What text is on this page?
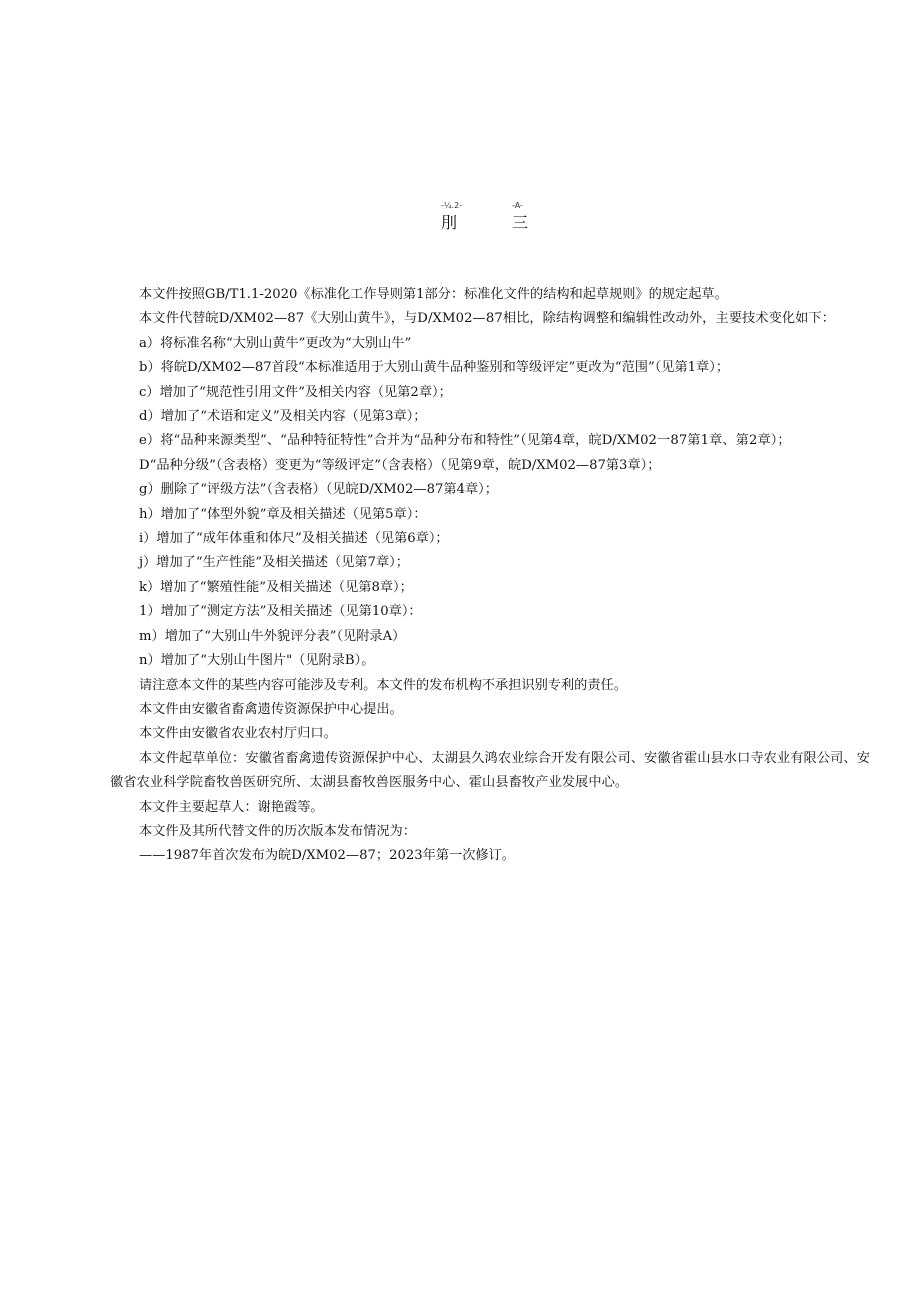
-¼.2-	-A-
刖	三

本文件按照GB/T1.1-2020《标准化工作导则第1部分：标准化文件的结构和起草规则》的规定起草。

本文件代替皖D/XM02—87《大别山黄牛》，与D/XM02—87相比，除结构调整和编辑性改动外，主要技术变化如下：

a）将标准名称“大别山黄牛”更改为“大别山牛”

b）将皖D/XM02—87首段“本标准适用于大别山黄牛品种鉴别和等级评定”更改为“范围”（见第1章）；

c）增加了“规范性引用文件”及相关内容（见第2章）；

d）增加了“术语和定义”及相关内容（见第3章）；

e）将“品种来源类型”、“品种特征特性”合并为“品种分布和特性”（见第4章，皖D/XM02一87第1章、第2章）；

D“品种分级”（含表格）变更为“等级评定”（含表格）（见第9章，皖D/XM02—87第3章）；

g）删除了“评级方法”（含表格）（见皖D/XM02—87第4章）；

h）增加了“体型外貌”章及相关描述（见第5章）：

i）增加了“成年体重和体尺”及相关描述（见第6章）；

j）增加了“生产性能”及相关描述（见第7章）；

k）增加了“繁殖性能”及相关描述（见第8章）；

1）增加了“测定方法”及相关描述（见第10章）：

m）增加了“大别山牛外貌评分表”（见附录A）

n）增加了“大别山牛图片"（见附录B）。

请注意本文件的某些内容可能涉及专利。本文件的发布机构不承担识别专利的责任。

本文件由安徽省畜禽遗传资源保护中心提出。

本文件由安徽省农业农村厅归口。

本文件起草单位：安徽省畜禽遗传资源保护中心、太湖县久鸿农业综合开发有限公司、安徽省霍山县水口寺农业有限公司、安徽省农业科学院畜牧兽医研究所、太湖县畜牧兽医服务中心、霍山县畜牧产业发展中心。

本文件主要起草人：谢艳霞等。

本文件及其所代替文件的历次版本发布情况为：

——1987年首次发布为皖D/XM02—87；2023年第一次修订。
